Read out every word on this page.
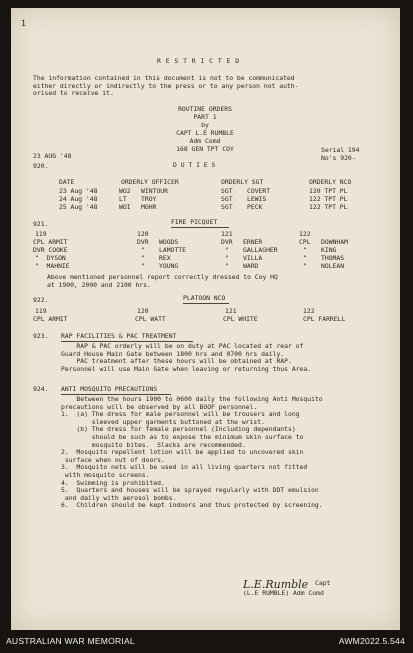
1
R E S T R I C T E D
The information contained in this document is not to be communicated
either directly or indirectly to the press or to any person not auth-
orised to receive it.
ROUTINE ORDERS
PART 1
by
CAPT L.E RUMBLE
Adm Comd
168 GEN TPT COY
23 AUG '48
Serial 194
No's 920-
920.	D U T I E S
DATE	ORDERLY OFFICER	ORDERLY SGT	ORDERLY NCO
23 Aug '48	WO2 WINTOUR	SGT COVERT	120 TPT PL
24 Aug '48	LT TROY	SGT LEWIS	122 TPT PL
25 Aug '48	WOI MOHR	SGT PECK	122 TPT PL
921.	FIRE PICQUET
119	120	121	122
CPL ARMIT	DVR WOODS	DVR ERNER	CPL DOWNHAM
DVR COOKE	" LAMOTTE	" GALLAGHER	" KING
"  DYSON	" REX	" VILLA	" THOMAS
"  MAHNIE	" YOUNG	" WARD	" NOLEAN
Above mentioned personnel report correctly dressed to Coy HQ
at 1900, 2000 and 2100 hrs.
922.	PLATOON NCO
119	120	121	122
CPL ARMIT	CPL WATT	CPL WHITE	CPL FARRELL
923. RAP FACILITIES & PAC TREATMENT
RAP & PAC orderly will be on duty at PAC located at rear of
Guard House Main Gate between 1800 hrs and 0700 hrs daily.
PAC treatment after these hours will be obtained at RAP.
Personnel will use Main Gate when leaving or returning thus Area.
924. ANTI MOSQUITO PRECAUTIONS
Between the hours 1900 to 0600 daily the following Anti Mosquito
precautions will be observed by all BOOF personnel.
1.  (a) The dress for male personnel will be trousers and long
sleeved upper garments buttoned at the wrist.
(b) The dress for female personnel (Including dependants)
should be such as to expose the minimum skin surface to
mosquito bites.  Slacks are recommended.
2.  Mosquito repellent lotion will be applied to uncovered skin
surface when out of doors.
3.  Mosquito nets will be used in all living quarters not fitted
with mosquito screens.
4.  Swimming is prohibited.
5.  Quarters and houses will be sprayed regularly with DDT emulsion
and daily with aerosol bombs.
6.  Children should be kept indoors and thus protected by screening.
L.E.Rumble Capt
(L.E RUMBLE) Adm Comd
AUSTRALIAN WAR MEMORIAL	AWM2022.5.544
